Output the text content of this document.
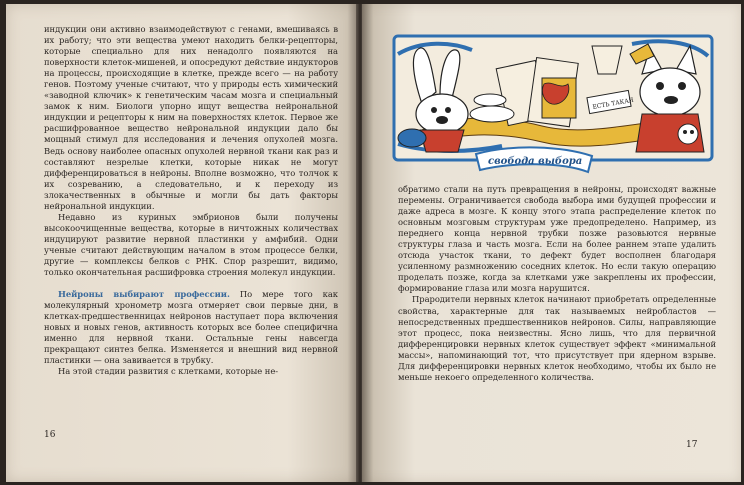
индукции они активно взаимодействуют с генами, вмешиваясь в их работу; что эти вещества умеют находить белки-рецепторы, которые специально для них ненадолго появляются на поверхности клеток-мишеней, и опосредуют действие индукторов на процессы, происходящие в клетке, прежде всего — на работу генов. Поэтому ученые считают, что у природы есть химический «заводной ключик» к генетическим часам мозга и специальный замок к ним. Биологи упорно ищут вещества нейрональной индукции и рецепторы к ним на поверхностях клеток. Первое же расшифрованное вещество нейрональной индукции дало бы мощный стимул для исследования и лечения опухолей мозга. Ведь основу наиболее опасных опухолей нервной ткани как раз и составляют незрелые клетки, которые никак не могут дифференцироваться в нейроны. Вполне возможно, что толчок к их созреванию, а следовательно, и к переходу из злокачественных в обычные и могли бы дать факторы нейрональной индукции.

Недавно из куриных эмбрионов были получены высокоочищенные вещества, которые в ничтожных количествах индуцируют развитие нервной пластинки у амфибий. Одни ученые считают действующим началом в этом процессе белки, другие — комплексы белков с РНК. Спор разрешит, видимо, только окончательная расшифровка строения молекул индукции.

Нейроны выбирают профессии. По мере того как молекулярный хронометр мозга отмеряет свои первые дни, в клетках-предшественницах нейронов наступает пора включения новых и новых генов, активность которых все более специфична именно для нервной ткани. Остальные гены навсегда прекращают синтез белка. Изменяется и внешний вид нервной пластинки — она завивается в трубку.

На этой стадии развития с клетками, которые не-

16
ЕСТЬ ТАКАЯ
свобода выбора

обратимо стали на путь превращения в нейроны, происходят важные перемены. Ограничивается свобода выбора ими будущей профессии и даже адреса в мозге. К концу этого этапа распределение клеток по основным мозговым структурам уже предопределено. Например, из переднего конца нервной трубки позже разовьются нервные структуры глаза и часть мозга. Если на более раннем этапе удалить отсюда участок ткани, то дефект будет восполнен благодаря усиленному размножению соседних клеток. Но если такую операцию проделать позже, когда за клетками уже закреплены их профессии, формирование глаза или мозга нарушится.

Прародители нервных клеток начинают приобретать определенные свойства, характерные для так называемых нейробластов — непосредственных предшественников нейронов. Силы, направляющие этот процесс, пока неизвестны. Ясно лишь, что для первичной дифференцировки нервных клеток существует эффект «минимальной массы», напоминающий тот, что присутствует при ядерном взрыве. Для дифференцировки нервных клеток необходимо, чтобы их было не меньше некоего определенного количества.

17
